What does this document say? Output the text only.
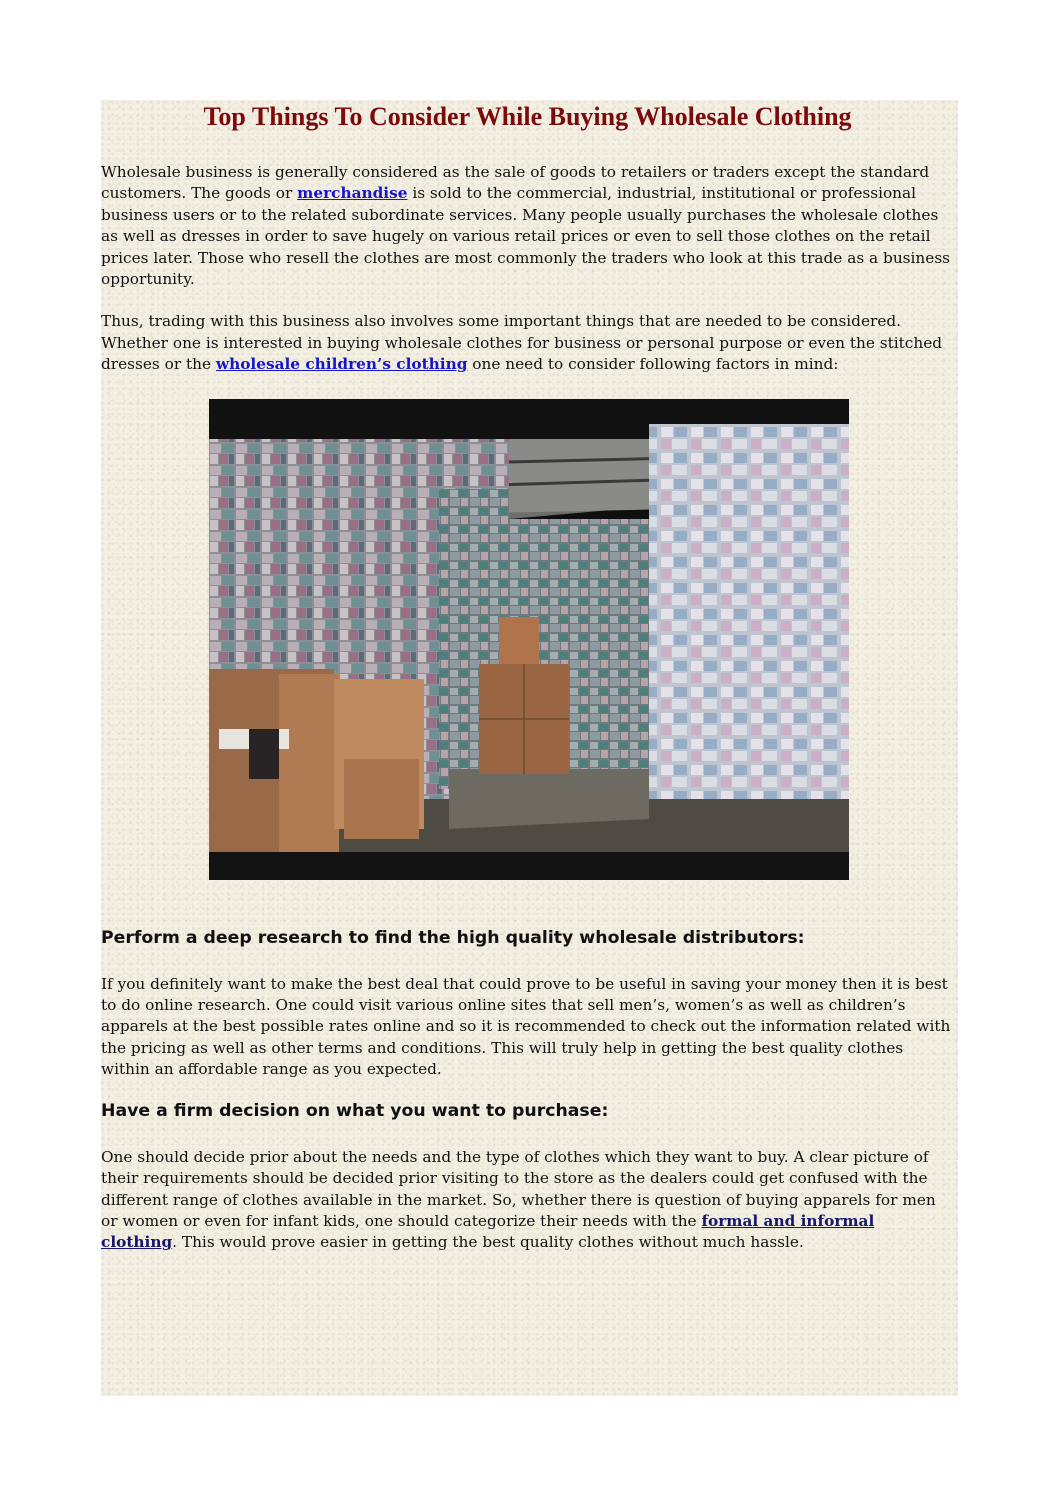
Top Things To Consider While Buying Wholesale Clothing

Wholesale business is generally considered as the sale of goods to retailers or traders except the standard customers. The goods or merchandise is sold to the commercial, industrial, institutional or professional business users or to the related subordinate services. Many people usually purchases the wholesale clothes as well as dresses in order to save hugely on various retail prices or even to sell those clothes on the retail prices later. Those who resell the clothes are most commonly the traders who look at this trade as a business opportunity.

Thus, trading with this business also involves some important things that are needed to be considered. Whether one is interested in buying wholesale clothes for business or personal purpose or even the stitched dresses or the wholesale children’s clothing one need to consider following factors in mind:

Perform a deep research to find the high quality wholesale distributors:

If you definitely want to make the best deal that could prove to be useful in saving your money then it is best to do online research. One could visit various online sites that sell men’s, women’s as well as children’s apparels at the best possible rates online and so it is recommended to check out the information related with the pricing as well as other terms and conditions. This will truly help in getting the best quality clothes within an affordable range as you expected.

Have a firm decision on what you want to purchase:

One should decide prior about the needs and the type of clothes which they want to buy. A clear picture of their requirements should be decided prior visiting to the store as the dealers could get confused with the different range of clothes available in the market. So, whether there is question of buying apparels for men or women or even for infant kids, one should categorize their needs with the formal and informal clothing. This would prove easier in getting the best quality clothes without much hassle.
